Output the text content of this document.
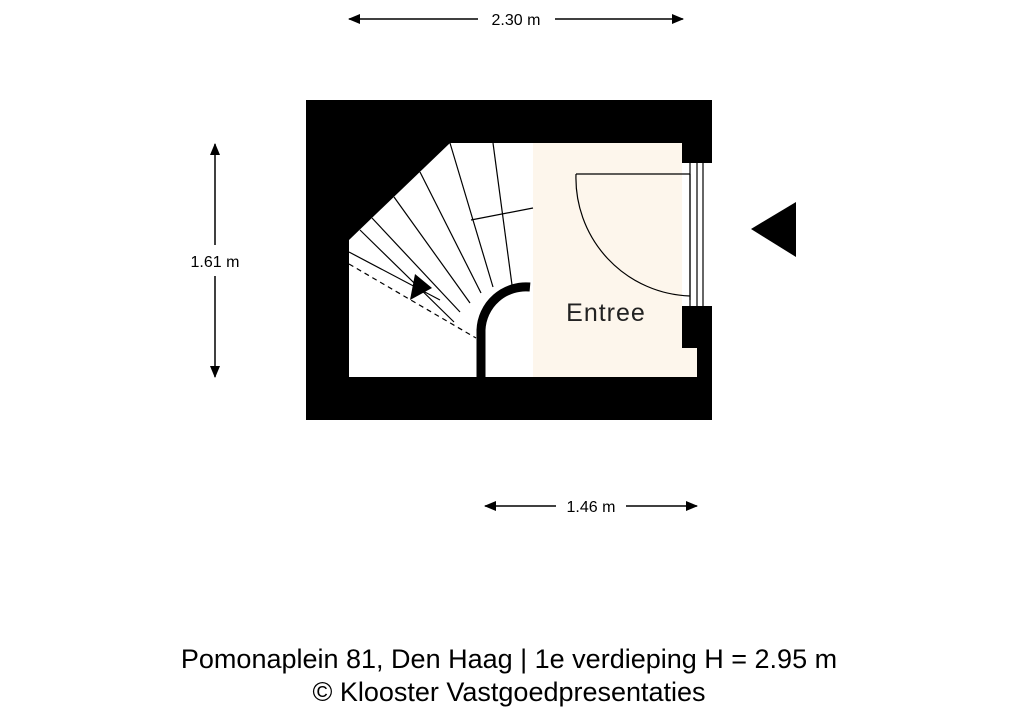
2.30 m
1.61 m
1.46 m
Entree
Pomonaplein 81, Den Haag | 1e verdieping H = 2.95 m
© Klooster Vastgoedpresentaties
